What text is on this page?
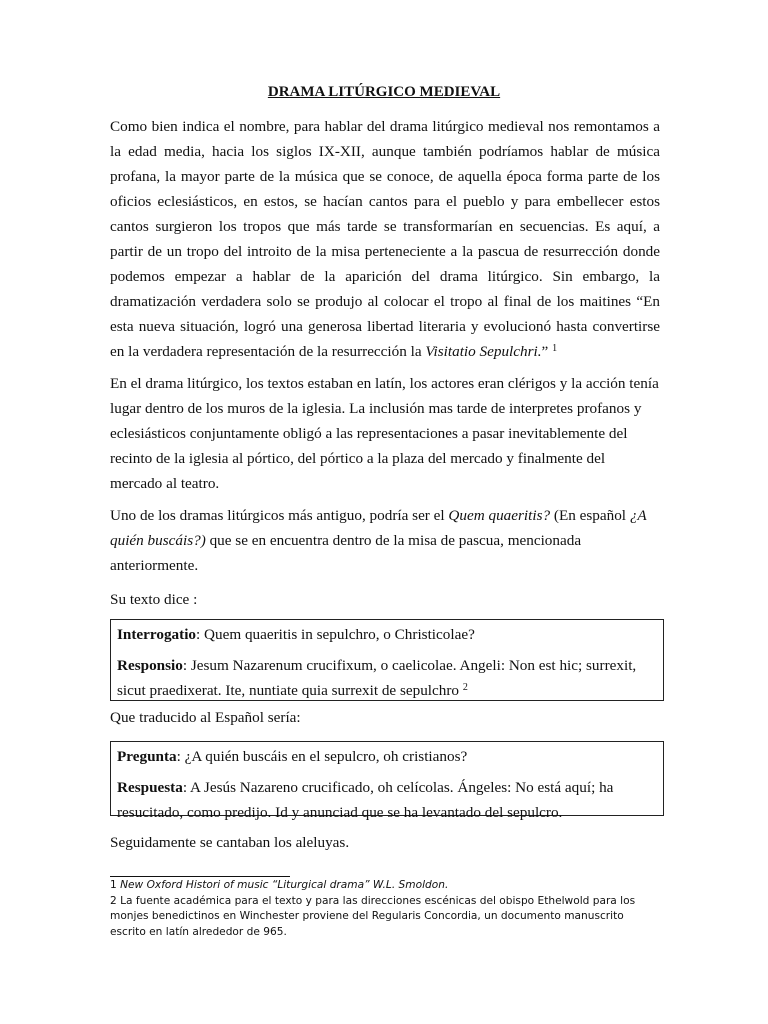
DRAMA LITÚRGICO MEDIEVAL
Como bien indica el nombre, para hablar del drama litúrgico medieval nos remontamos a la edad media, hacia los siglos IX-XII, aunque también podríamos hablar de música profana, la mayor parte de la música que se conoce, de aquella época forma parte de los oficios eclesiásticos, en estos, se hacían cantos para el pueblo y para embellecer estos cantos surgieron los tropos que más tarde se transformarían en secuencias. Es aquí, a partir de un tropo del introito de la misa perteneciente a la pascua de resurrección donde podemos empezar a hablar de la aparición del drama litúrgico. Sin embargo, la dramatización verdadera solo se produjo al colocar el tropo al final de los maitines “En esta nueva situación, logró una generosa libertad literaria y evolucionó hasta convertirse en la verdadera representación de la resurrección la Visitatio Sepulchri.” $^1$
En el drama litúrgico, los textos estaban en latín, los actores eran clérigos y la acción tenía lugar dentro de los muros de la iglesia. La inclusión mas tarde de interpretes profanos y eclesiásticos conjuntamente obligó a las representaciones a pasar inevitablemente del recinto de la iglesia al pórtico, del pórtico a la plaza del mercado y finalmente del mercado al teatro.
Uno de los dramas litúrgicos más antiguo, podría ser el Quem quaeritis? (En español ¿A quién buscáis?) que se en encuentra dentro de la misa de pascua, mencionada anteriormente.
Su texto dice :

Interrogatio: Quem quaeritis in sepulchro, o Christicolae?

Responsio: Jesum Nazarenum crucifixum, o caelicolae. Angeli: Non est hic; surrexit, sicut praedixerat. Ite, nuntiate quia surrexit de sepulchro $^2$

Que traducido al Español sería:

Pregunta: ¿A quién buscáis en el sepulcro, oh cristianos?

Respuesta: A Jesús Nazareno crucificado, oh celícolas. Ángeles: No está aquí; ha resucitado, como predijo. Id y anunciad que se ha levantado del sepulcro.

Seguidamente se cantaban los aleluyas.
1 New Oxford Histori of music “Liturgical drama” W.L. Smoldon.
2 La fuente académica para el texto y para las direcciones escénicas del obispo Ethelwold para los monjes benedictinos en Winchester proviene del Regularis Concordia, un documento manuscrito escrito en latín alrededor de 965.
